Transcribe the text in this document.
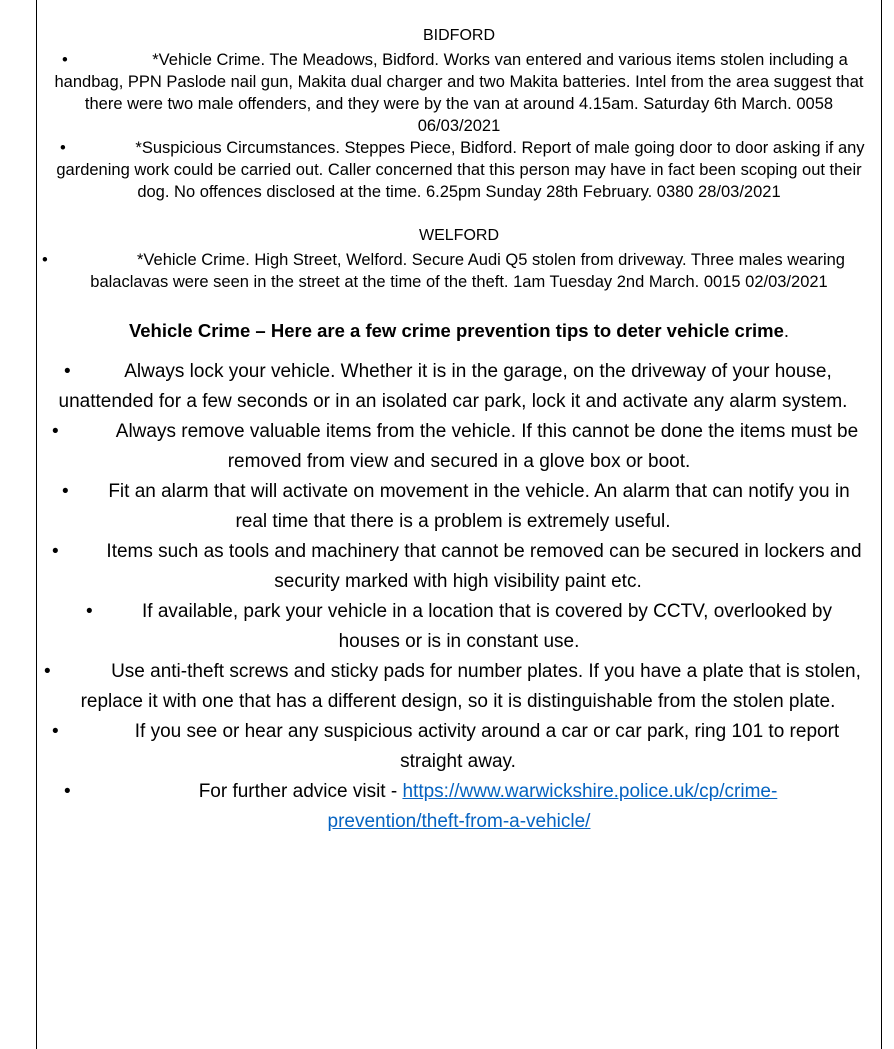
BIDFORD
•	*Vehicle Crime. The Meadows, Bidford. Works van entered and various items stolen including a handbag, PPN Paslode nail gun, Makita dual charger and two Makita batteries. Intel from the area suggest that there were two male offenders, and they were by the van at around 4.15am. Saturday 6th March. 0058 06/03/2021
•	*Suspicious Circumstances. Steppes Piece, Bidford. Report of male going door to door asking if any gardening work could be carried out. Caller concerned that this person may have in fact been scoping out their dog. No offences disclosed at the time. 6.25pm Sunday 28th February. 0380 28/03/2021
WELFORD
•	*Vehicle Crime. High Street, Welford. Secure Audi Q5 stolen from driveway. Three males wearing balaclavas were seen in the street at the time of the theft. 1am Tuesday 2nd March. 0015 02/03/2021
Vehicle Crime – Here are a few crime prevention tips to deter vehicle crime.
•	Always lock your vehicle. Whether it is in the garage, on the driveway of your house, unattended for a few seconds or in an isolated car park, lock it and activate any alarm system.
•	Always remove valuable items from the vehicle. If this cannot be done the items must be removed from view and secured in a glove box or boot.
• Fit an alarm that will activate on movement in the vehicle. An alarm that can notify you in real time that there is a problem is extremely useful.
•	Items such as tools and machinery that cannot be removed can be secured in lockers and security marked with high visibility paint etc.
•	If available, park your vehicle in a location that is covered by CCTV, overlooked by houses or is in constant use.
•	Use anti-theft screws and sticky pads for number plates. If you have a plate that is stolen, replace it with one that has a different design, so it is distinguishable from the stolen plate.
•	If you see or hear any suspicious activity around a car or car park, ring 101 to report straight away.
•	For further advice visit - https://www.warwickshire.police.uk/cp/crime-
prevention/theft-from-a-vehicle/
